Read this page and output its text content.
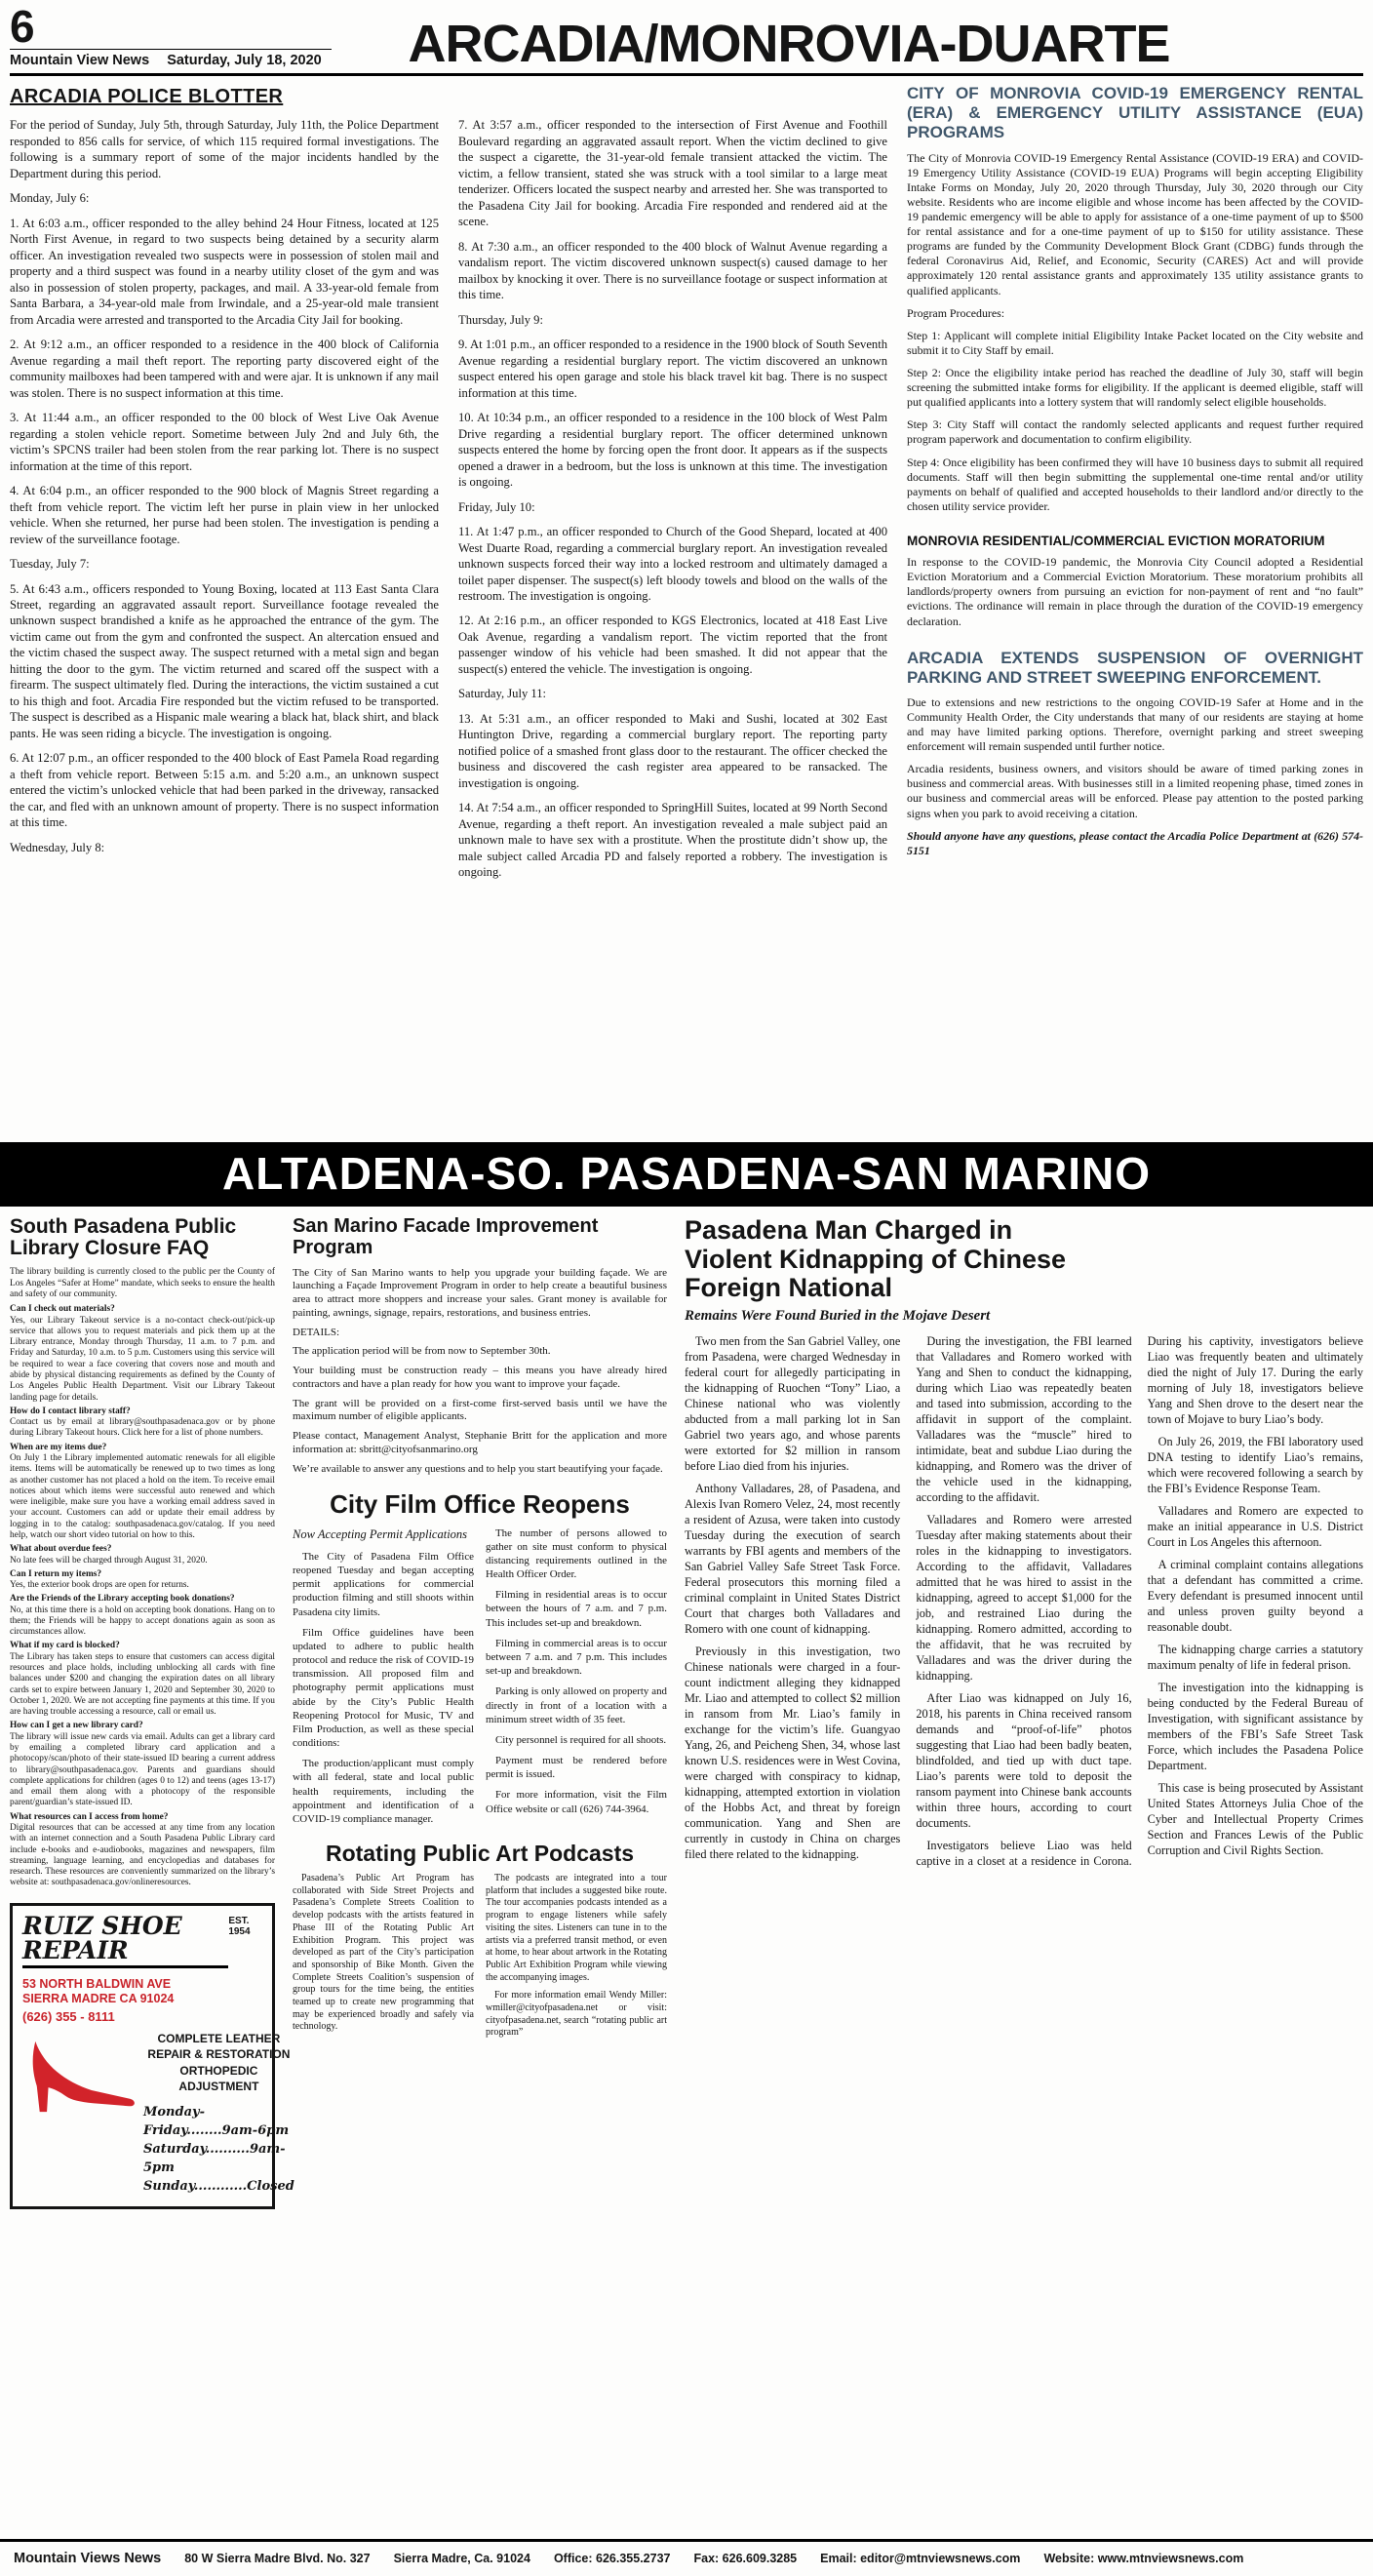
6
Mountain View News Saturday, July 18, 2020	ARCADIA/MONROVIA-DUARTE
ARCADIA POLICE BLOTTER

For the period of Sunday, July 5th, through Saturday, July 11th, the Police Department responded to 856 calls for service, of which 115 required formal investigations. The following is a summary report of some of the major incidents handled by the Department during this period.

Monday, July 6:

1. At 6:03 a.m., officer responded to the alley behind 24 Hour Fitness, located at 125 North First Avenue, in regard to two suspects being detained by a security alarm officer. An investigation revealed two suspects were in possession of stolen mail and property and a third suspect was found in a nearby utility closet of the gym and was also in possession of stolen property, packages, and mail. A 33-year-old female from Santa Barbara, a 34-year-old male from Irwindale, and a 25-year-old male transient from Arcadia were arrested and transported to the Arcadia City Jail for booking.

2. At 9:12 a.m., an officer responded to a residence in the 400 block of California Avenue regarding a mail theft report. The reporting party discovered eight of the community mailboxes had been tampered with and were ajar. It is unknown if any mail was stolen. There is no suspect information at this time.

3. At 11:44 a.m., an officer responded to the 00 block of West Live Oak Avenue regarding a stolen vehicle report. Sometime between July 2nd and July 6th, the victim’s SPCNS trailer had been stolen from the rear parking lot. There is no suspect information at the time of this report.

4. At 6:04 p.m., an officer responded to the 900 block of Magnis Street regarding a theft from vehicle report. The victim left her purse in plain view in her unlocked vehicle. When she returned, her purse had been stolen. The investigation is pending a review of the surveillance footage.

Tuesday, July 7:

5. At 6:43 a.m., officers responded to Young Boxing, located at 113 East Santa Clara Street, regarding an aggravated assault report. Surveillance footage revealed the unknown suspect brandished a knife as he approached the entrance of the gym. The victim came out from the gym and confronted the suspect. An altercation ensued and the victim chased the suspect away. The suspect returned with a metal sign and began hitting the door to the gym. The victim returned and scared off the suspect with a firearm. The suspect ultimately fled. During the interactions, the victim sustained a cut to his thigh and foot. Arcadia Fire responded but the victim refused to be transported. The suspect is described as a Hispanic male wearing a black hat, black shirt, and black pants. He was seen riding a bicycle. The investigation is ongoing.

6. At 12:07 p.m., an officer responded to the 400 block of East Pamela Road regarding a theft from vehicle report. Between 5:15 a.m. and 5:20 a.m., an unknown suspect entered the victim’s unlocked vehicle that had been parked in the driveway, ransacked the car, and fled with an unknown amount of property. There is no suspect information at this time.

Wednesday, July 8:

7. At 3:57 a.m., officer responded to the intersection of First Avenue and Foothill Boulevard regarding an aggravated assault report. When the victim declined to give the suspect a cigarette, the 31-year-old female transient attacked the victim. The victim, a fellow transient, stated she was struck with a tool similar to a large meat tenderizer. Officers located the suspect nearby and arrested her. She was transported to the Pasadena City Jail for booking. Arcadia Fire responded and rendered aid at the scene.

8. At 7:30 a.m., an officer responded to the 400 block of Walnut Avenue regarding a vandalism report. The victim discovered unknown suspect(s) caused damage to her mailbox by knocking it over. There is no surveillance footage or suspect information at this time.

Thursday, July 9:

9. At 1:01 p.m., an officer responded to a residence in the 1900 block of South Seventh Avenue regarding a residential burglary report. The victim discovered an unknown suspect entered his open garage and stole his black travel kit bag. There is no suspect information at this time.

10. At 10:34 p.m., an officer responded to a residence in the 100 block of West Palm Drive regarding a residential burglary report. The officer determined unknown suspects entered the home by forcing open the front door. It appears as if the suspects opened a drawer in a bedroom, but the loss is unknown at this time. The investigation is ongoing.

Friday, July 10:

11. At 1:47 p.m., an officer responded to Church of the Good Shepard, located at 400 West Duarte Road, regarding a commercial burglary report. An investigation revealed unknown suspects forced their way into a locked restroom and ultimately damaged a toilet paper dispenser. The suspect(s) left bloody towels and blood on the walls of the restroom. The investigation is ongoing.

12. At 2:16 p.m., an officer responded to KGS Electronics, located at 418 East Live Oak Avenue, regarding a vandalism report. The victim reported that the front passenger window of his vehicle had been smashed. It did not appear that the suspect(s) entered the vehicle. The investigation is ongoing.

Saturday, July 11:

13. At 5:31 a.m., an officer responded to Maki and Sushi, located at 302 East Huntington Drive, regarding a commercial burglary report. The reporting party notified police of a smashed front glass door to the restaurant. The officer checked the business and discovered the cash register area appeared to be ransacked. The investigation is ongoing.

14. At 7:54 a.m., an officer responded to SpringHill Suites, located at 99 North Second Avenue, regarding a theft report. An investigation revealed a male subject paid an unknown male to have sex with a prostitute. When the prostitute didn’t show up, the male subject called Arcadia PD and falsely reported a robbery. The investigation is ongoing.

CITY OF MONROVIA COVID-19 EMERGENCY RENTAL (ERA) & EMERGENCY UTILITY ASSISTANCE (EUA) PROGRAMS

The City of Monrovia COVID-19 Emergency Rental Assistance (COVID-19 ERA) and COVID-19 Emergency Utility Assistance (COVID-19 EUA) Programs will begin accepting Eligibility Intake Forms on Monday, July 20, 2020 through Thursday, July 30, 2020 through our City website. Residents who are income eligible and whose income has been affected by the COVID-19 pandemic emergency will be able to apply for assistance of a one-time payment of up to $500 for rental assistance and for a one-time payment of up to $150 for utility assistance. These programs are funded by the Community Development Block Grant (CDBG) funds through the federal Coronavirus Aid, Relief, and Economic, Security (CARES) Act and will provide approximately 120 rental assistance grants and approximately 135 utility assistance grants to qualified applicants.

Program Procedures:

Step 1: Applicant will complete initial Eligibility Intake Packet located on the City website and submit it to City Staff by email.

Step 2: Once the eligibility intake period has reached the deadline of July 30, staff will begin screening the submitted intake forms for eligibility. If the applicant is deemed eligible, staff will put qualified applicants into a lottery system that will randomly select eligible households.

Step 3: City Staff will contact the randomly selected applicants and request further required program paperwork and documentation to confirm eligibility.

Step 4: Once eligibility has been confirmed they will have 10 business days to submit all required documents. Staff will then begin submitting the supplemental one-time rental and/or utility payments on behalf of qualified and accepted households to their landlord and/or directly to the chosen utility service provider.

MONROVIA RESIDENTIAL/COMMERCIAL EVICTION MORATORIUM

In response to the COVID-19 pandemic, the Monrovia City Council adopted a Residential Eviction Moratorium and a Commercial Eviction Moratorium. These moratorium prohibits all landlords/property owners from pursuing an eviction for non-payment of rent and “no fault” evictions. The ordinance will remain in place through the duration of the COVID-19 emergency declaration.

ARCADIA EXTENDS SUSPENSION OF OVERNIGHT PARKING AND STREET SWEEPING ENFORCEMENT.

Due to extensions and new restrictions to the ongoing COVID-19 Safer at Home and in the Community Health Order, the City understands that many of our residents are staying at home and may have limited parking options. Therefore, overnight parking and street sweeping enforcement will remain suspended until further notice.

Arcadia residents, business owners, and visitors should be aware of timed parking zones in business and commercial areas. With businesses still in a limited reopening phase, timed zones in our business and commercial areas will be enforced. Please pay attention to the posted parking signs when you park to avoid receiving a citation.

Should anyone have any questions, please contact the Arcadia Police Department at (626) 574-5151

ALTADENA-SO. PASADENA-SAN MARINO
South Pasadena Public Library Closure FAQ

The library building is currently closed to the public per the County of Los Angeles “Safer at Home” mandate, which seeks to ensure the health and safety of our community.

Can I check out materials?
Yes, our Library Takeout service is a no-contact check-out/pick-up service that allows you to request materials and pick them up at the Library entrance, Monday through Thursday, 11 a.m. to 7 p.m. and Friday and Saturday, 10 a.m. to 5 p.m. Customers using this service will be required to wear a face covering that covers nose and mouth and abide by physical distancing requirements as defined by the County of Los Angeles Public Health Department. Visit our Library Takeout landing page for details.
How do I contact library staff?
Contact us by email at library@southpasadenaca.gov or by phone during Library Takeout hours. Click here for a list of phone numbers.
When are my items due?
On July 1 the Library implemented automatic renewals for all eligible items. Items will be automatically be renewed up to two times as long as another customer has not placed a hold on the item. To receive email notices about which items were successful auto renewed and which were ineligible, make sure you have a working email address saved in your account. Customers can add or update their email address by logging in to the catalog: southpasadenaca.gov/catalog. If you need help, watch our short video tutorial on how to this.
What about overdue fees?
No late fees will be charged through August 31, 2020.
Can I return my items?
Yes, the exterior book drops are open for returns.
Are the Friends of the Library accepting book donations?
No, at this time there is a hold on accepting book donations. Hang on to them; the Friends will be happy to accept donations again as soon as circumstances allow.
What if my card is blocked?
The Library has taken steps to ensure that customers can access digital resources and place holds, including unblocking all cards with fine balances under $200 and changing the expiration dates on all library cards set to expire between January 1, 2020 and September 30, 2020 to October 1, 2020. We are not accepting fine payments at this time. If you are having trouble accessing a resource, call or email us.
How can I get a new library card?
The library will issue new cards via email. Adults can get a library card by emailing a completed library card application and a photocopy/scan/photo of their state-issued ID bearing a current address to library@southpasadenaca.gov. Parents and guardians should complete applications for children (ages 0 to 12) and teens (ages 13-17) and email them along with a photocopy of the responsible parent/guardian’s state-issued ID.
What resources can I access from home?
Digital resources that can be accessed at any time from any location with an internet connection and a South Pasadena Public Library card include e-books and e-audiobooks, magazines and newspapers, film streaming, language learning, and encyclopedias and databases for research. These resources are conveniently summarized on the library’s website at: southpasadenaca.gov/onlineresources.
RUIZ SHOE REPAIR
EST. 1954
53 NORTH BALDWIN AVE SIERRA MADRE CA 91024
(626) 355 - 8111
COMPLETE LEATHER REPAIR & RESTORATION
ORTHOPEDIC ADJUSTMENT
Monday-Friday........9am-6pm
Saturday..........9am-5pm
Sunday............Closed
San Marino Facade Improvement Program

The City of San Marino wants to help you upgrade your building façade. We are launching a Façade Improvement Program in order to help create a beautiful business area to attract more shoppers and increase your sales. Grant money is available for painting, awnings, signage, repairs, restorations, and business entries.

DETAILS:

The application period will be from now to September 30th.

Your building must be construction ready – this means you have already hired contractors and have a plan ready for how you want to improve your façade.

The grant will be provided on a first-come first-served basis until we have the maximum number of eligible applicants.

Please contact, Management Analyst, Stephanie Britt for the application and more information at: sbritt@cityofsanmarino.org

We’re available to answer any questions and to help you start beautifying your façade.

City Film Office Reopens

Now Accepting Permit Applications

The City of Pasadena Film Office reopened Tuesday and began accepting permit applications for commercial production filming and still shoots within Pasadena city limits.

Film Office guidelines have been updated to adhere to public health protocol and reduce the risk of COVID-19 transmission. All proposed film and photography permit applications must abide by the City’s Public Health Reopening Protocol for Music, TV and Film Production, as well as these special conditions:

The production/applicant must comply with all federal, state and local public health requirements, including the appointment and identification of a COVID-19 compliance manager.

The number of persons allowed to gather on site must conform to physical distancing requirements outlined in the Health Officer Order.

Filming in residential areas is to occur between the hours of 7 a.m. and 7 p.m. This includes set-up and breakdown.

Filming in commercial areas is to occur between 7 a.m. and 7 p.m. This includes set-up and breakdown.

Parking is only allowed on property and directly in front of a location with a minimum street width of 35 feet.

City personnel is required for all shoots.

Payment must be rendered before permit is issued.

For more information, visit the Film Office website or call (626) 744-3964.

Rotating Public Art Podcasts

Pasadena’s Public Art Program has collaborated with Side Street Projects and Pasadena’s Complete Streets Coalition to develop podcasts with the artists featured in Phase III of the Rotating Public Art Exhibition Program. This project was developed as part of the City’s participation and sponsorship of Bike Month. Given the Complete Streets Coalition’s suspension of group tours for the time being, the entities teamed up to create new programming that may be experienced broadly and safely via technology.

The podcasts are integrated into a tour platform that includes a suggested bike route. The tour accompanies podcasts intended as a program to engage listeners while safely visiting the sites. Listeners can tune in to the artists via a preferred transit method, or even at home, to hear about artwork in the Rotating Public Art Exhibition Program while viewing the accompanying images.

For more information email Wendy Miller: wmiller@cityofpasadena.net or visit: cityofpasadena.net, search “rotating public art program”

Pasadena Man Charged in Violent Kidnapping of Chinese Foreign National

Remains Were Found Buried in the Mojave Desert

Two men from the San Gabriel Valley, one from Pasadena, were charged Wednesday in federal court for allegedly participating in the kidnapping of Ruochen “Tony” Liao, a Chinese national who was violently abducted from a mall parking lot in San Gabriel two years ago, and whose parents were extorted for $2 million in ransom before Liao died from his injuries.

Anthony Valladares, 28, of Pasadena, and Alexis Ivan Romero Velez, 24, most recently a resident of Azusa, were taken into custody Tuesday during the execution of search warrants by FBI agents and members of the San Gabriel Valley Safe Street Task Force. Federal prosecutors this morning filed a criminal complaint in United States District Court that charges both Valladares and Romero with one count of kidnapping.

Previously in this investigation, two Chinese nationals were charged in a four-count indictment alleging they kidnapped Mr. Liao and attempted to collect $2 million in ransom from Mr. Liao’s family in exchange for the victim’s life. Guangyao Yang, 26, and Peicheng Shen, 34, whose last known U.S. residences were in West Covina, were charged with conspiracy to kidnap, kidnapping, attempted extortion in violation of the Hobbs Act, and threat by foreign communication. Yang and Shen are currently in custody in China on charges filed there related to the kidnapping.

During the investigation, the FBI learned that Valladares and Romero worked with Yang and Shen to conduct the kidnapping, during which Liao was repeatedly beaten and tased into submission, according to the affidavit in support of the complaint. Valladares was the “muscle” hired to intimidate, beat and subdue Liao during the kidnapping, and Romero was the driver of the vehicle used in the kidnapping, according to the affidavit.

Valladares and Romero were arrested Tuesday after making statements about their roles in the kidnapping to investigators. According to the affidavit, Valladares admitted that he was hired to assist in the kidnapping, agreed to accept $1,000 for the job, and restrained Liao during the kidnapping. Romero admitted, according to the affidavit, that he was recruited by Valladares and was the driver during the kidnapping.

After Liao was kidnapped on July 16, 2018, his parents in China received ransom demands and “proof-of-life” photos suggesting that Liao had been badly beaten, blindfolded, and tied up with duct tape. Liao’s parents were told to deposit the ransom payment into Chinese bank accounts within three hours, according to court documents.

Investigators believe Liao was held captive in a closet at a residence in Corona. During his captivity, investigators believe Liao was frequently beaten and ultimately died the night of July 17. During the early morning of July 18, investigators believe Yang and Shen drove to the desert near the town of Mojave to bury Liao’s body.

On July 26, 2019, the FBI laboratory used DNA testing to identify Liao’s remains, which were recovered following a search by the FBI’s Evidence Response Team.

Valladares and Romero are expected to make an initial appearance in U.S. District Court in Los Angeles this afternoon.

A criminal complaint contains allegations that a defendant has committed a crime. Every defendant is presumed innocent until and unless proven guilty beyond a reasonable doubt.

The kidnapping charge carries a statutory maximum penalty of life in federal prison.

The investigation into the kidnapping is being conducted by the Federal Bureau of Investigation, with significant assistance by members of the FBI’s Safe Street Task Force, which includes the Pasadena Police Department.

This case is being prosecuted by Assistant United States Attorneys Julia Choe of the Cyber and Intellectual Property Crimes Section and Frances Lewis of the Public Corruption and Civil Rights Section.

Mountain Views News 80 W Sierra Madre Blvd. No. 327 Sierra Madre, Ca. 91024 Office: 626.355.2737 Fax: 626.609.3285 Email: editor@mtnviewsnews.com Website: www.mtnviewsnews.com
